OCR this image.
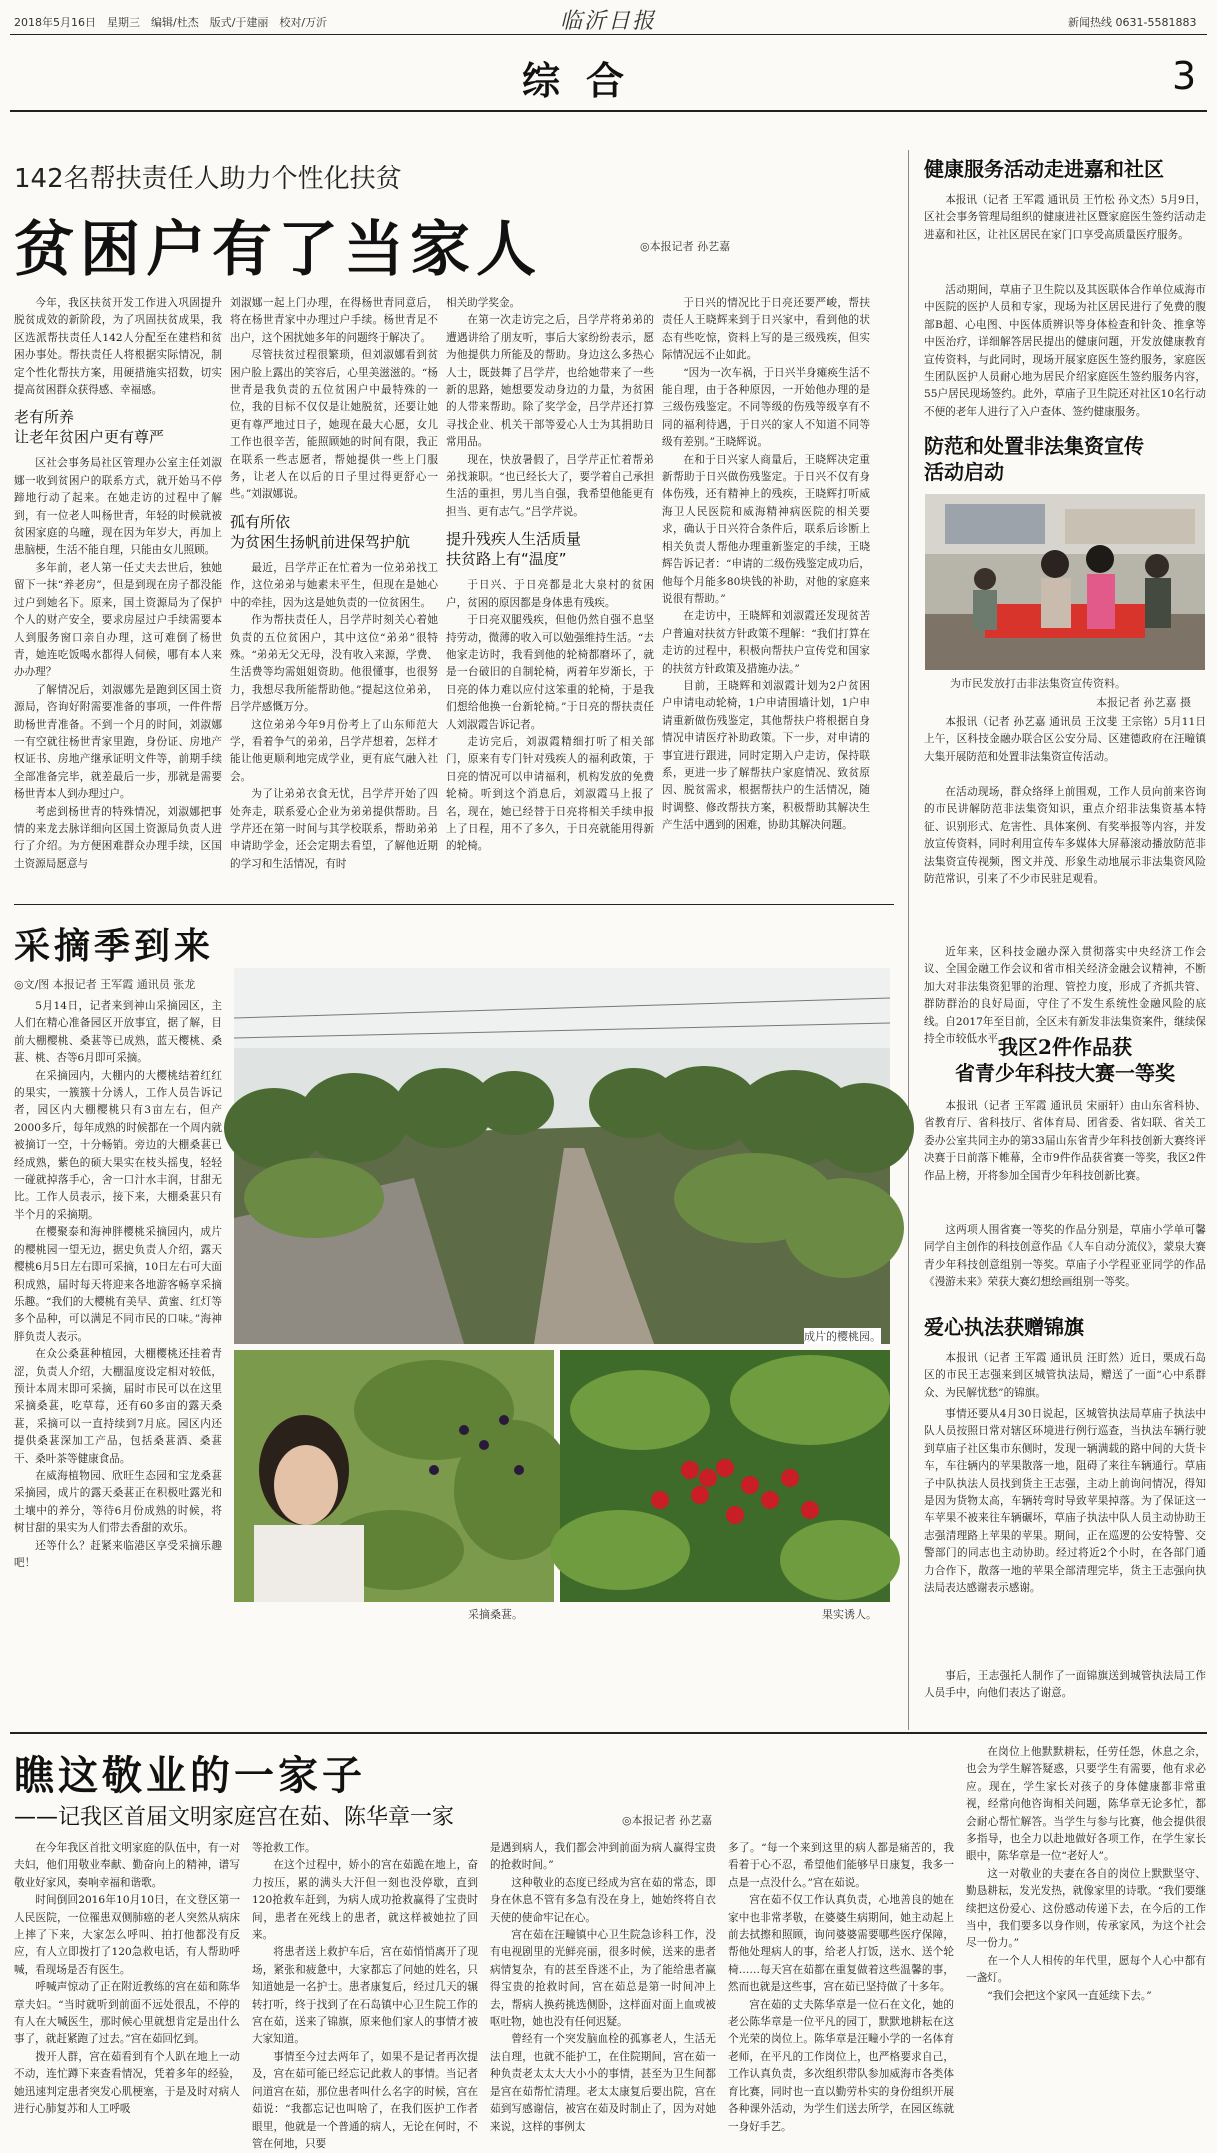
2018年5月16日　星期三　编辑/杜杰　版式/于建丽　校对/万沂	临沂日报	新闻热线 0631-5581883
综合	3
142名帮扶责任人助力个性化扶贫
贫困户有了当家人	◎本报记者 孙艺嘉

今年，我区扶贫开发工作进入巩固提升脱贫成效的新阶段，为了巩固扶贫成果，我区选派帮扶责任人142人分配至在建档和贫困办事处。帮扶责任人将根据实际情况，制定个性化帮扶方案，用硬措施实招数，切实提高贫困群众获得感、幸福感。

老有所养
让老年贫困户更有尊严

区社会事务局社区管理办公室主任刘淑娜一收到贫困户的联系方式，就开始马不停蹄地行动了起来。在她走访的过程中了解到，有一位老人叫杨世青，年轻的时候就被贫困家庭的乌曈，现在因为年岁大，再加上患脑梗，生活不能自理，只能由女儿照顾。

多年前，老人第一任丈夫去世后，独她留下一抹“养老房”，但是到现在房子都没能过户到她名下。原来，国土资源局为了保护个人的财产安全，要求房屋过户手续需要本人到服务窗口亲自办理，这可难倒了杨世青，她连吃饭喝水都得人伺候，哪有本人来办办理？

了解情况后，刘淑娜先是跑到区国土资源局，咨询好附需要准备的事项，一件件帮助杨世青准备。不到一个月的时间，刘淑娜一有空就往杨世青家里跑，身份证、房地产权证书、房地产继承证明文件等，前期手续全部准备完毕，就差最后一步，那就是需要杨世青本人到办理过户。

考虑到杨世青的特殊情况，刘淑娜把事情的来龙去脉详细向区国土资源局负责人进行了介绍。为方便困难群众办理手续，区国土资源局愿意与

刘淑娜一起上门办理，在得杨世青同意后，将在杨世青家中办理过户手续。杨世青足不出户，这个困扰她多年的问题终于解决了。

尽管扶贫过程很繁琐，但刘淑娜看到贫困户脸上露出的笑容后，心里美滋滋的。“杨世青是我负责的五位贫困户中最特殊的一位，我的目标不仅仅是让她脱贫，还要让她更有尊严地过日子，她现在最大心愿，女儿工作也很辛苦，能照顾她的时间有限，我正在联系一些志愿者，帮她提供一些上门服务，让老人在以后的日子里过得更舒心一些。”刘淑娜说。

孤有所依
为贫困生扬帆前进保驾护航

最近，吕学芹正在忙着为一位弟弟找工作，这位弟弟与她素未平生，但现在是她心中的牵挂，因为这是她负责的一位贫困生。

作为帮扶责任人，吕学芹时刻关心着她负责的五位贫困户，其中这位“弟弟”很特殊。“弟弟无父无母，没有收入来源，学费、生活费等均需姐姐资助。他很懂事，也很努力，我想尽我所能帮助他。”提起这位弟弟，吕学芹感慨万分。

这位弟弟今年9月份考上了山东师范大学，看着争气的弟弟，吕学芹想着，怎样才能让他更顺利地完成学业，更有底气融入社会。

为了让弟弟衣食无忧，吕学芹开始了四处奔走，联系爱心企业为弟弟提供帮助。吕学芹还在第一时间与其学校联系，帮助弟弟申请助学金，还会定期去看望，了解他近期的学习和生活情况，有时

相关助学奖金。

在第一次走访完之后，吕学芹将弟弟的遭遇讲给了朋友听，事后大家纷纷表示，愿为他提供力所能及的帮助。身边这么多热心人士，既鼓舞了吕学芹，也给她带来了一些新的思路，她想要发动身边的力量，为贫困的人带来帮助。除了奖学金，吕学芹还打算寻找企业、机关干部等爱心人士为其捐助日常用品。

现在，快放暑假了，吕学芹正忙着帮弟弟找兼职。“也已经长大了，要学着自己承担生活的重担，男儿当自强，我希望他能更有担当、更有志气。”吕学芹说。

提升残疾人生活质量
扶贫路上有“温度”

于日兴、于日亮都是北大泉村的贫困户，贫困的原因都是身体患有残疾。

于日亮双腿残疾，但他仍然自强不息坚持劳动，微薄的收入可以勉强维持生活。“去他家走访时，我看到他的轮椅都磨坏了，就是一台破旧的自制轮椅，两着年岁渐长，于日亮的体力难以应付这笨重的轮椅，于是我们想给他换一台新轮椅。”于日亮的帮扶责任人刘淑霞告诉记者。

走访完后，刘淑霞精细打听了相关部门，原来有专门针对残疾人的福利政策，于日亮的情况可以申请福利，机构发放的免费轮椅。听到这个消息后，刘淑霞马上报了名，现在，她已经替于日亮将相关手续申报上了日程，用不了多久，于日亮就能用得新的轮椅。

于日兴的情况比于日亮还要严峻，帮扶责任人王晓辉来到于日兴家中，看到他的状态有些吃惊，资料上写的是三级残疾，但实际情况远不止如此。

“因为一次车祸，于日兴半身瘫痪生活不能自理，由于各种原因，一开始他办理的是三级伤残鉴定。不同等级的伤残等级享有不同的福利待遇，于日兴的家人不知道不同等级有差别。”王晓辉说。

在和于日兴家人商量后，王晓辉决定重新帮助于日兴做伤残鉴定。于日兴不仅有身体伤残，还有精神上的残疾，王晓辉打听威海卫人民医院和威海精神病医院的相关要求，确认于日兴符合条件后，联系后诊断上相关负责人帮他办理重新鉴定的手续，王晓辉告诉记者：“申请的二级伤残鉴定成功后，他每个月能多80块钱的补助，对他的家庭来说很有帮助。”

在走访中，王晓辉和刘淑霞还发现贫苦户普遍对扶贫方针政策不理解：“我们打算在走访的过程中，积极向帮扶户宣传党和国家的扶贫方针政策及措施办法。”

目前，王晓辉和刘淑霞计划为2户贫困户申请电动轮椅，1户申请围墙计划，1户申请重新做伤残鉴定，其他帮扶户将根据自身情况申请医疗补助政策。下一步，对申请的事宜进行跟进，同时定期入户走访，保持联系，更进一步了解帮扶户家庭情况、致贫原因、脱贫需求，根据帮扶户的生活情况，随时调整、修改帮扶方案，积极帮助其解决生产生活中遇到的困难，协助其解决问题。

健康服务活动走进嘉和社区

本报讯（记者 王军霞 通讯员 王竹松 孙文杰）5月9日，区社会事务管理局组织的健康进社区暨家庭医生签约活动走进嘉和社区，让社区居民在家门口享受高质量医疗服务。

活动期间，草庙子卫生院以及其医联体合作单位威海市中医院的医护人员和专家，现场为社区居民进行了免费的腹部B超、心电图、中医体质辨识等身体检查和针灸、推拿等中医治疗，详细解答居民提出的健康问题，开发放健康教育宣传资料，与此同时，现场开展家庭医生签约服务，家庭医生团队医护人员耐心地为居民介绍家庭医生签约服务内容，55户居民现场签约。此外，草庙子卫生院还对社区10名行动不便的老年人进行了入户查体、签约健康服务。

防范和处置非法集资宣传
活动启动
为市民发放打击非法集资宣传资料。
本报记者 孙艺嘉 摄

本报讯（记者 孙艺嘉 通讯员 王汶斐 王宗铭）5月11日上午，区科技金融办联合区公安分局、区建德政府在汪疃镇大集开展防范和处置非法集资宣传活动。

在活动现场，群众络绎上前围观，工作人员向前来咨询的市民讲解防范非法集资知识，重点介绍非法集资基本特征、识别形式、危害性、具体案例、有奖举报等内容，并发放宣传资料，同时利用宣传车多媒体大屏幕滚动播放防范非法集资宣传视频，图文并茂、形象生动地展示非法集资风险防范常识，引来了不少市民驻足观看。

近年来，区科技金融办深入贯彻落实中央经济工作会议、全国金融工作会议和省市相关经济金融会议精神，不断加大对非法集资犯罪的治理、管控力度，形成了齐抓共管、群防群治的良好局面，守住了不发生系统性金融风险的底线。自2017年至目前，全区未有新发非法集资案件，继续保持全市较低水平。

我区2件作品获
省青少年科技大赛一等奖

本报讯（记者 王军霞 通讯员 宋丽轩）由山东省科协、省教育厅、省科技厅、省体育局、团省委、省妇联、省关工委办公室共同主办的第33届山东省青少年科技创新大赛终评决赛于日前落下帷幕，全市9件作品获省赛一等奖，我区2件作品上榜，开将参加全国青少年科技创新比赛。

这两项人围省赛一等奖的作品分别是，草庙小学单可馨同学自主创作的科技创意作品《人车自动分流仪》，蒙泉大赛青少年科技创意组别一等奖。草庙子小学程亚亚同学的作品《漫游未来》荣获大赛幻想绘画组别一等奖。

爱心执法获赠锦旗

本报讯（记者 王军霞 通讯员 汪盯然）近日，栗成石岛区的市民王志强来到区城管执法局，赠送了一面“心中系群众、为民解忧愁”的锦旗。

事情还要从4月30日说起，区城管执法局草庙子执法中队人员按照日常对辖区环境进行例行巡查，当执法车辆行驶到草庙子社区集市东侧时，发现一辆满载的路中间的大货卡车，车往辆内的苹果散落一地，阻碍了来往车辆通行。草庙子中队执法人员找到货主王志强，主动上前询问情况，得知是因为货物太高，车辆转弯时导致苹果掉落。为了保证这一车苹果不被来往车辆碾坏，草庙子执法中队人员主动协助王志强清理路上苹果的苹果。期间，正在巡逻的公安特警、交警部门的同志也主动协助。经过将近2个小时，在各部门通力合作下，散落一地的苹果全部清理完毕，货主王志强向执法局表达感谢表示感谢。

事后，王志强托人制作了一面锦旗送到城管执法局工作人员手中，向他们表达了谢意。

采摘季到来
◎文/图 本报记者 王军霞 通讯员 张龙

5月14日，记者来到神山采摘园区，主人们在精心准备园区开放事宜，据了解，目前大棚樱桃、桑葚等已成熟，蓝天樱桃、桑葚、桃、杏等6月即可采摘。

在采摘园内，大棚内的大樱桃结着红红的果实，一簇簇十分诱人，工作人员告诉记者，园区内大棚樱桃只有3亩左右，但产2000多斤，每年成熟的时候都在一个周内就被摘订一空，十分畅销。旁边的大棚桑葚已经成熟，紫色的硕大果实在枝头摇曳，轻轻一碰就掉落手心，舍一口汁水丰润，甘甜无比。工作人员表示，接下来，大棚桑葚只有半个月的采摘期。

在樱聚泰和海神胖樱桃采摘园内，成片的樱桃园一望无边，据史负责人介绍，露天樱桃6月5日左右即可采摘，10日左右可大面积成熟，届时每天将迎来各地游客畅享采摘乐趣。“我们的大樱桃有美早、黄蜜、红灯等多个品种，可以满足不同市民的口味。”海神胖负责人表示。

在众公桑葚种植园，大棚樱桃还挂着青涩，负责人介绍，大棚温度设定相对较低，预计本周末即可采摘，届时市民可以在这里采摘桑葚，吃草莓，还有60多亩的露天桑葚，采摘可以一直持续到7月底。园区内还提供桑葚深加工产品，包括桑葚酒、桑葚干、桑叶茶等健康食品。

在威海植物园、欣旺生态园和宝龙桑葚采摘园，成片的露天桑葚正在积极吐露光和土壤中的养分，等待6月份成熟的时候，将树甘甜的果实为人们带去香甜的欢乐。

还等什么？赶紧来临港区享受采摘乐趣吧！

成片的樱桃园。
采摘桑葚。	果实诱人。
瞧这敬业的一家子
——记我区首届文明家庭宫在茹、陈华章一家	◎本报记者 孙艺嘉

在今年我区首批文明家庭的队伍中，有一对夫妇，他们用敬业奉献、勤奋向上的精神，谱写敬业好家风，奏响幸福和谐歌。

时间倒回2016年10月10日，在文登区第一人民医院，一位罹患双侧肺癌的老人突然从病床上摔了下来，大家怎么呼叫、拍打他都没有反应，有人立即拨打了120急救电话，有人帮助呼喊，看现场是否有医生。

呼喊声惊动了正在附近教练的宫在茹和陈华章夫妇。“当时就听到前面不远处很乱，不停的有人在大喊医生，那时候心里就想肯定是出什么事了，就赶紧跑了过去。”宫在茹回忆到。

拨开人群，宫在茹看到有个人趴在地上一动不动，连忙蹲下来查看情况，凭着多年的经验，她迅速判定患者突发心肌梗塞，于是及时对病人进行心肺复苏和人工呼吸

等抢救工作。

在这个过程中，娇小的宫在茹跪在地上，奋力按压，累的满头大汗但一刻也没停歇，直到120抢救车赶到，为病人成功抢救赢得了宝贵时间，患者在死线上的患者，就这样被她拉了回来。

将患者送上救护车后，宫在茹悄悄离开了现场，紧张和疲惫中，大家都忘了问她的姓名，只知道她是一名护士。患者康复后，经过几天的辗转打听，终于找到了在石岛镇中心卫生院工作的宫在茹，送来了锦旗，原来他们家人的事情才被大家知道。

事情至今过去两年了，如果不是记者再次提及，宫在茹可能已经忘记此救人的事情。当记者问道宫在茹，那位患者叫什么名字的时候，宫在茹说：“我都忘记也叫啥了，在我们医护工作者眼里，他就是一个普通的病人，无论在何时，不管在何地，只要

是遇到病人，我们都会冲到前面为病人赢得宝贵的抢救时间。”

这种敬业的态度已经成为宫在茹的常态，即身在休息不管有多急有没在身上，她始终将自衣天使的使命牢记在心。

宫在茹在汪疃镇中心卫生院急诊科工作，没有电视剧里的光鲜亮丽，很多时候，送来的患者病情复杂，有的甚至昏迷不止，为了能给患者赢得宝贵的抢救时间，宫在茹总是第一时间冲上去，帮病人换药挑选侧卧，这样面对面上血或被呕吐物，她也没有任何迟疑。

曾经有一个突发脑血栓的孤寡老人，生活无法自理，也就不能护工，在住院期间，宫在茹一种负责老太太大大小小的事情，甚至为卫生间都是宫在茹帮忙清理。老太太康复后要出院，宫在茹到写感谢信，被宫在茹及时制止了，因为对她来说，这样的事例太

多了。“每一个来到这里的病人都是痛苦的，我看着于心不忍，希望他们能够早日康复，我多一点是一点没什么。”宫在茹说。

宫在茹不仅工作认真负责，心地善良的她在家中也非常孝敬，在婆婆生病期间，她主动起上前去拭擦和照顾，询问婆婆需要哪些医疗保障，帮他处理病人的事，给老人打饭，送水、送个轮椅……每天宫在茹都在重复做着这些温馨的事，然而也就是这些事，宫在茹已坚持做了十多年。

宫在茹的丈夫陈华章是一位石在文化，她的老公陈华章是一位平凡的园丁，默默地耕耘在这个光荣的岗位上。陈华章是汪疃小学的一名体育老师，在平凡的工作岗位上，也严格要求自己，工作认真负责，多次组织带队参加威海市各类体育比赛，同时也一直以勤劳朴实的身份组织开展各种课外活动，为学生们送去所学，在园区练就一身好手艺。

在岗位上他默默耕耘，任劳任怨，休息之余，也会为学生解答疑惑，只要学生有需要，他有求必应。现在，学生家长对孩子的身体健康都非常重视，经常向他咨询相关问题，陈华章无论多忙，都会耐心帮忙解答。当学生与参与比赛，他会提供很多指导，也全力以赴地做好各项工作，在学生家长眼中，陈华章是一位“老好人”。

这一对敬业的夫妻在各自的岗位上默默坚守、勤恳耕耘，发光发热，就像家里的诗歌。“我们要继续把这份爱心、这份感动传递下去，在今后的工作当中，我们要多以身作则，传承家风，为这个社会尽一份力。”

在一个人人相传的年代里，愿每个人心中都有一盏灯。

“我们会把这个家风一直延续下去。”
